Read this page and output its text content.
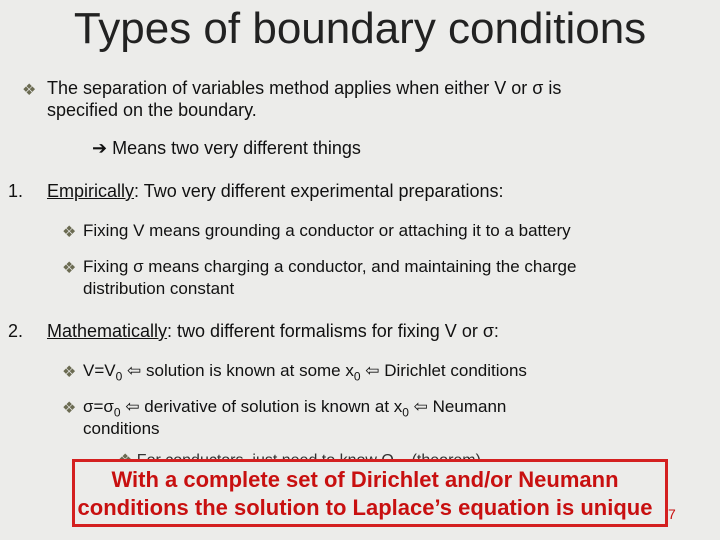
Types of boundary conditions
❖ The separation of variables method applies when either V or σ is
specified on the boundary.
➔ Means two very different things
1. Empirically: Two very different experimental preparations:
❖ Fixing V means grounding a conductor or attaching it to a battery
❖ Fixing σ means charging a conductor, and maintaining the charge
distribution constant
2. Mathematically: two different formalisms for fixing V or σ:
❖ $V=V_0$ ⇦ solution is known at some $x_0$ ⇦ Dirichlet conditions
❖ $\sigma=\sigma_0$ ⇦ derivative of solution is known at $x_0$ ⇦ Neumann
conditions
With a complete set of Dirichlet and/or Neumann
conditions the solution to Laplace’s equation is unique	7
